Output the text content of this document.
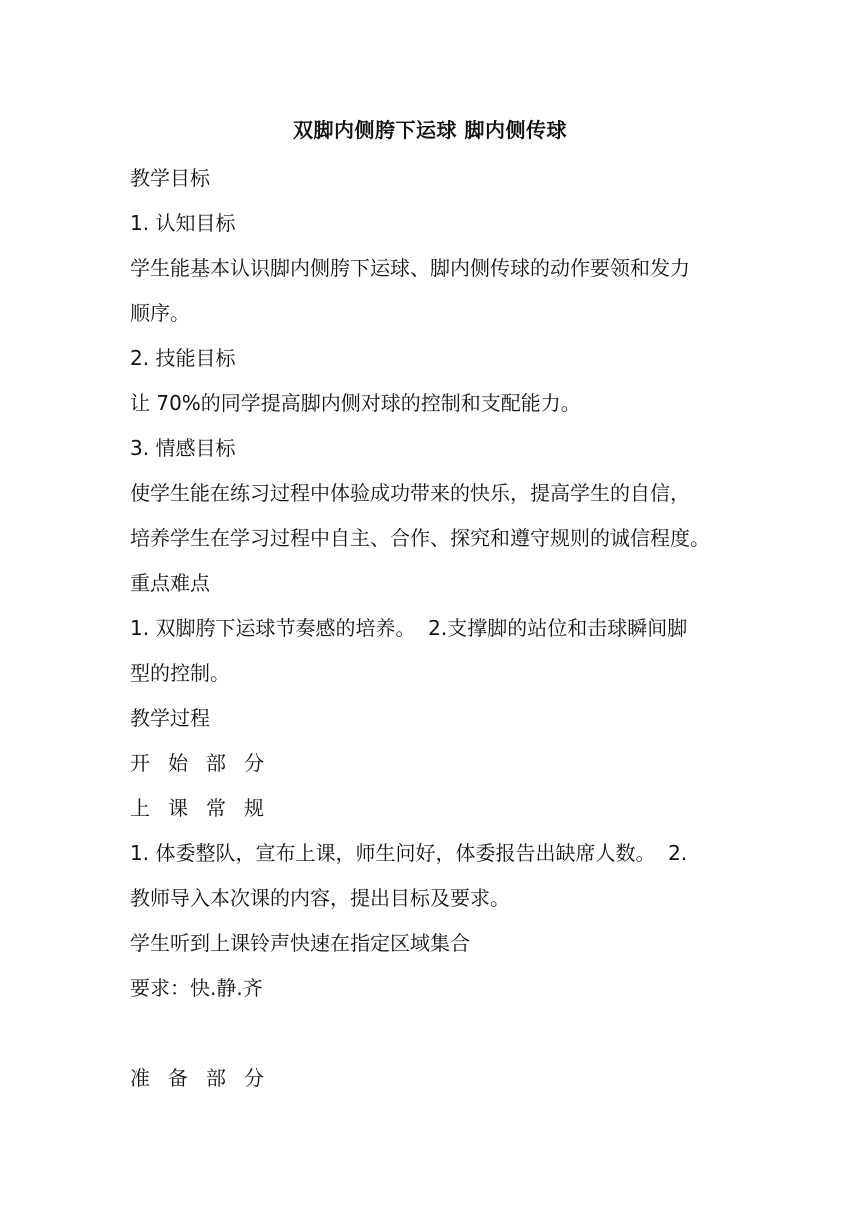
双脚内侧胯下运球 脚内侧传球

教学目标

1. 认知目标

学生能基本认识脚内侧胯下运球、脚内侧传球的动作要领和发力

顺序。

2. 技能目标

让 70%的同学提高脚内侧对球的控制和支配能力。

3. 情感目标

使学生能在练习过程中体验成功带来的快乐，提高学生的自信，

培养学生在学习过程中自主、合作、探究和遵守规则的诚信程度。

重点难点

1. 双脚胯下运球节奏感的培养。  2.支撑脚的站位和击球瞬间脚

型的控制。

教学过程

开始部分

上课常规

1. 体委整队，宣布上课，师生问好，体委报告出缺席人数。  2.

教师导入本次课的内容，提出目标及要求。

学生听到上课铃声快速在指定区域集合

要求：快.静.齐

准备部分
